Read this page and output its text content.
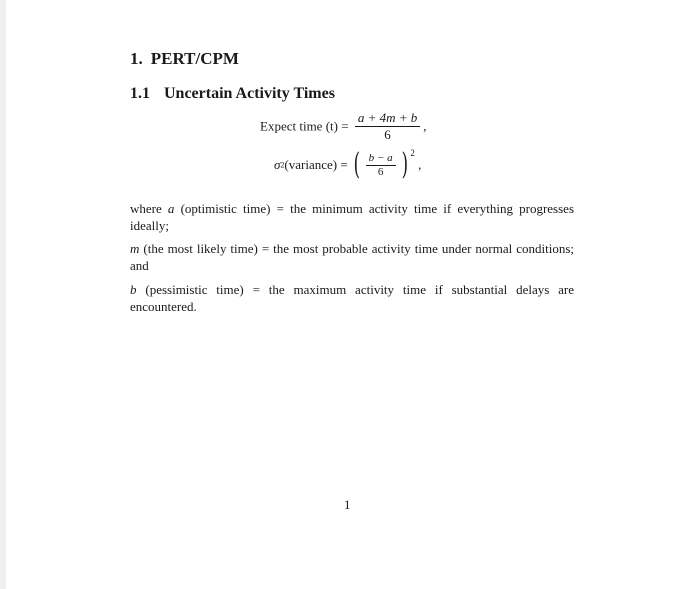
1. PERT/CPM
1.1 Uncertain Activity Times
Expect time $(t) = \frac{a + 4m + b}{6}$ ,
σ2(variance) = ( $\frac{b - a}{6}$ ) $^2$ ,
where a (optimistic time) = the minimum activity time if everything progresses ideally;
m (the most likely time) = the most probable activity time under normal conditions; and
b (pessimistic time) = the maximum activity time if substantial delays are encountered.
1
